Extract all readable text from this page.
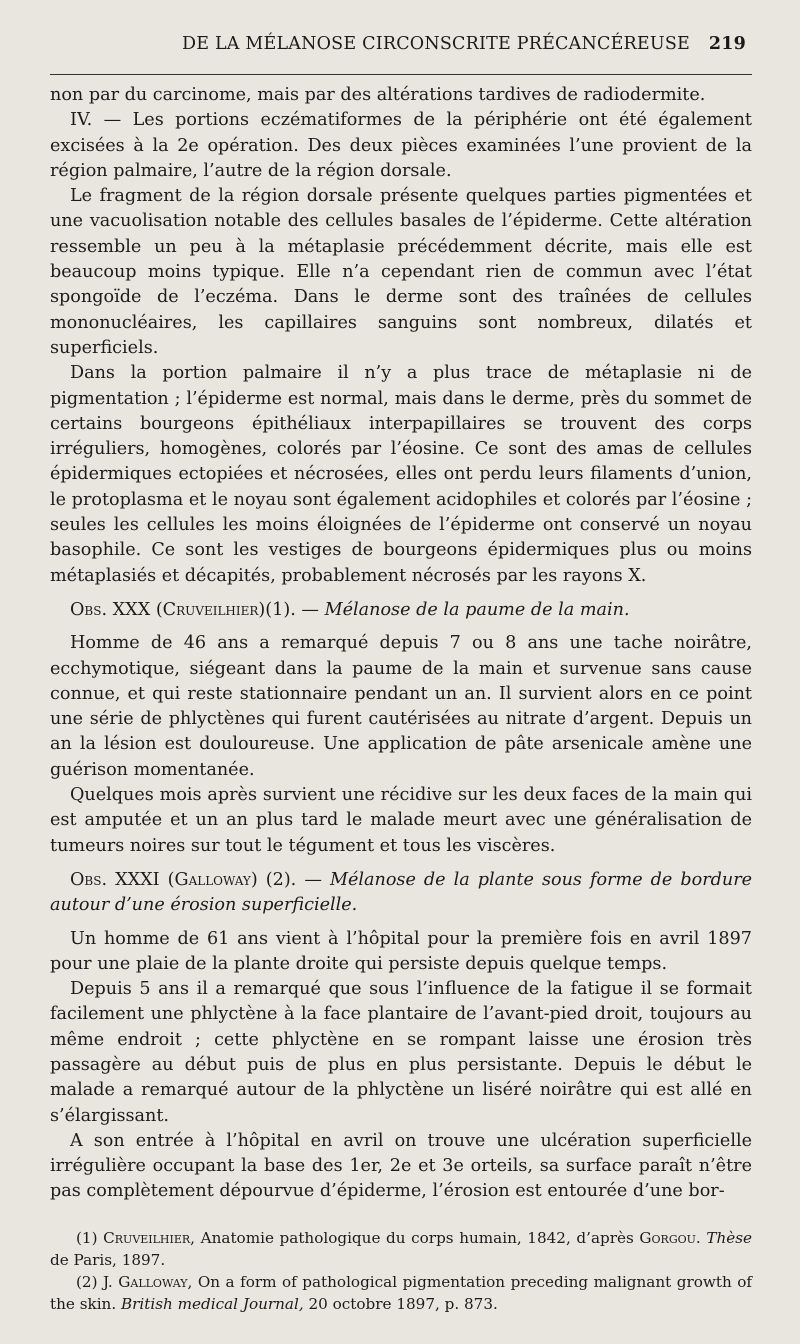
DE LA MÉLANOSE CIRCONSCRITE PRÉCANCÉREUSE 219

non par du carcinome, mais par des altérations tardives de radiodermite.

IV. — Les portions eczématiformes de la périphérie ont été également excisées à la 2e opération. Des deux pièces examinées l’une provient de la région palmaire, l’autre de la région dorsale.

Le fragment de la région dorsale présente quelques parties pigmentées et une vacuolisation notable des cellules basales de l’épiderme. Cette altération ressemble un peu à la métaplasie précédemment décrite, mais elle est beaucoup moins typique. Elle n’a cependant rien de commun avec l’état spongoïde de l’eczéma. Dans le derme sont des traînées de cellules mononucléaires, les capillaires sanguins sont nombreux, dilatés et superficiels.

Dans la portion palmaire il n’y a plus trace de métaplasie ni de pigmentation ; l’épiderme est normal, mais dans le derme, près du sommet de certains bourgeons épithéliaux interpapillaires se trouvent des corps irréguliers, homogènes, colorés par l’éosine. Ce sont des amas de cellules épidermiques ectopiées et nécrosées, elles ont perdu leurs filaments d’union, le protoplasma et le noyau sont également acidophiles et colorés par l’éosine ; seules les cellules les moins éloignées de l’épiderme ont conservé un noyau basophile. Ce sont les vestiges de bourgeons épidermiques plus ou moins métaplasiés et décapités, probablement nécrosés par les rayons X.

Obs. XXX (Cruveilhier)(1). — Mélanose de la paume de la main.

Homme de 46 ans a remarqué depuis 7 ou 8 ans une tache noirâtre, ecchymotique, siégeant dans la paume de la main et survenue sans cause connue, et qui reste stationnaire pendant un an. Il survient alors en ce point une série de phlyctènes qui furent cautérisées au nitrate d’argent. Depuis un an la lésion est douloureuse. Une application de pâte arsenicale amène une guérison momentanée.

Quelques mois après survient une récidive sur les deux faces de la main qui est amputée et un an plus tard le malade meurt avec une généralisation de tumeurs noires sur tout le tégument et tous les viscères.

Obs. XXXI (Galloway) (2). — Mélanose de la plante sous forme de bordure autour d’une érosion superficielle.

Un homme de 61 ans vient à l’hôpital pour la première fois en avril 1897 pour une plaie de la plante droite qui persiste depuis quelque temps.

Depuis 5 ans il a remarqué que sous l’influence de la fatigue il se formait facilement une phlyctène à la face plantaire de l’avant-pied droit, toujours au même endroit ; cette phlyctène en se rompant laisse une érosion très passagère au début puis de plus en plus persistante. Depuis le début le malade a remarqué autour de la phlyctène un liséré noirâtre qui est allé en s’élargissant.

A son entrée à l’hôpital en avril on trouve une ulcération superficielle irrégulière occupant la base des 1er, 2e et 3e orteils, sa surface paraît n’être pas complètement dépourvue d’épiderme, l’érosion est entourée d’une bor-

(1) Cruveilhier, Anatomie pathologique du corps humain, 1842, d’après Gorgou. Thèse de Paris, 1897.

(2) J. Galloway, On a form of pathological pigmentation preceding malignant growth of the skin. British medical Journal, 20 octobre 1897, p. 873.
